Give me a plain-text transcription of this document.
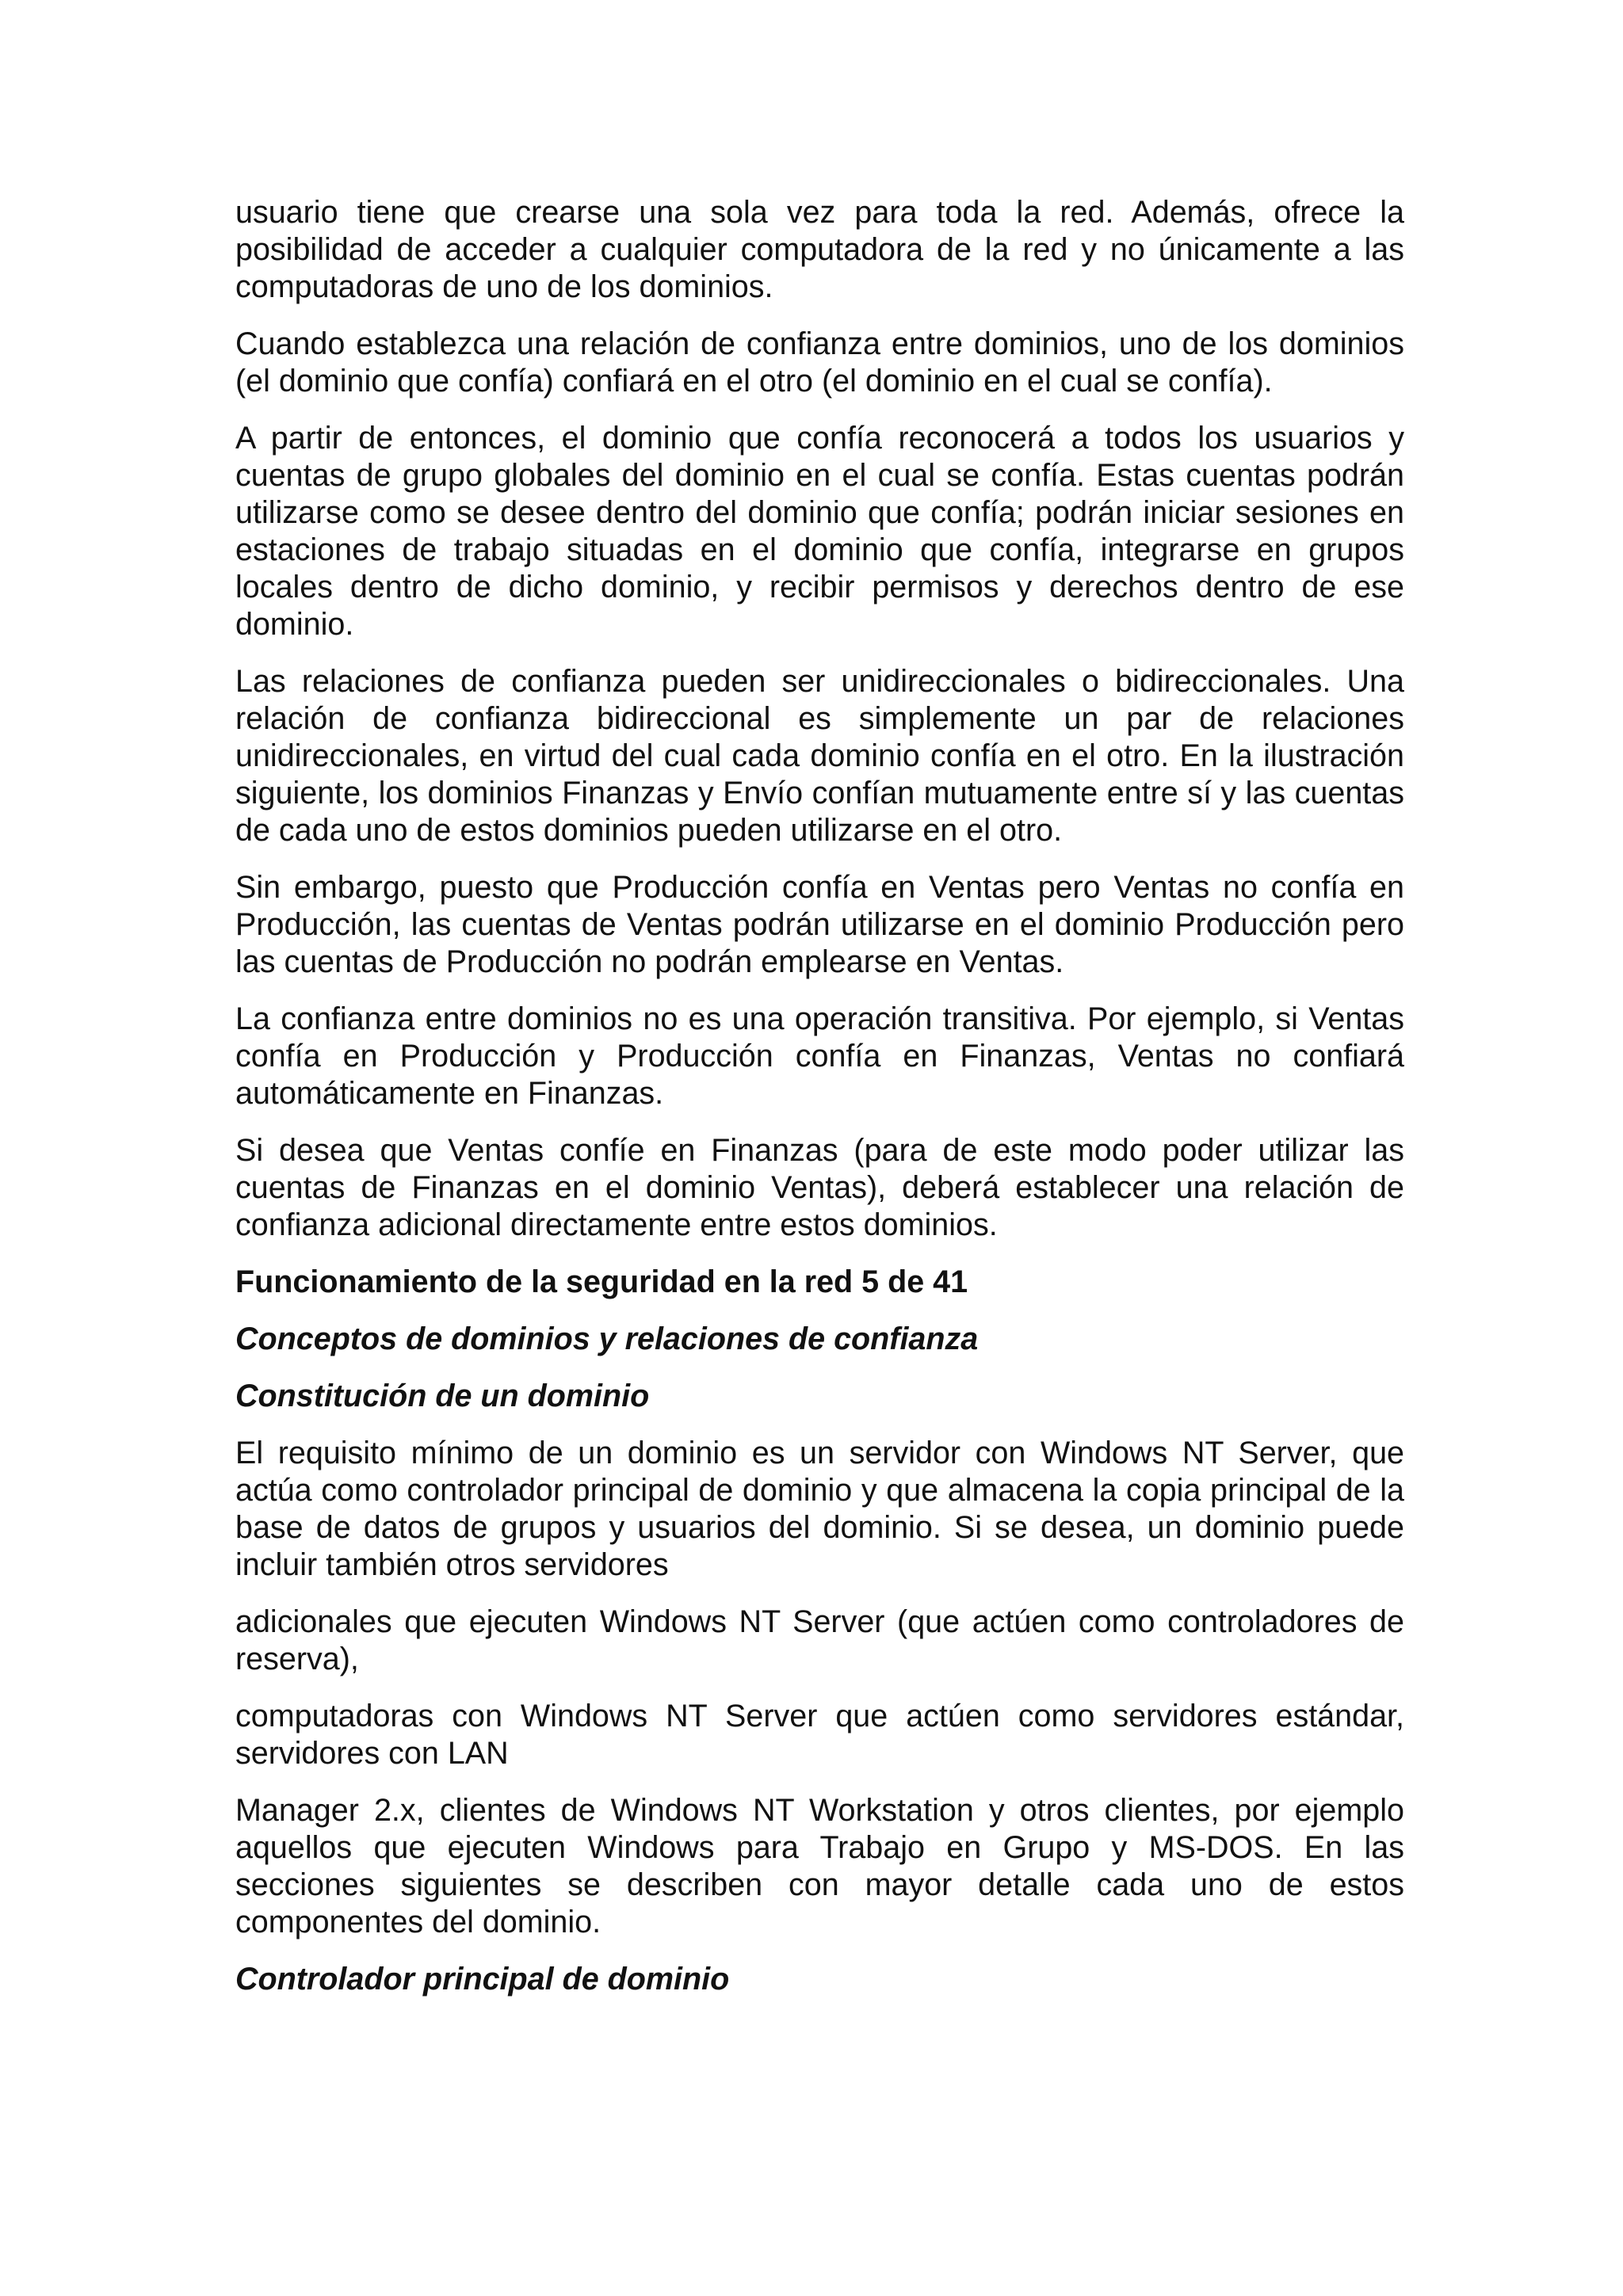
usuario tiene que crearse una sola vez para toda la red. Además, ofrece la posibilidad de acceder a cualquier computadora de la red y no únicamente a las computadoras de uno de los dominios.

Cuando establezca una relación de confianza entre dominios, uno de los dominios (el dominio que confía) confiará en el otro (el dominio en el cual se confía).

A partir de entonces, el dominio que confía reconocerá a todos los usuarios y cuentas de grupo globales del dominio en el cual se confía. Estas cuentas podrán utilizarse como se desee dentro del dominio que confía; podrán iniciar sesiones en estaciones de trabajo situadas en el dominio que confía, integrarse en grupos locales dentro de dicho dominio, y recibir permisos y derechos dentro de ese dominio.

Las relaciones de confianza pueden ser unidireccionales o bidireccionales. Una relación de confianza bidireccional es simplemente un par de relaciones unidireccionales, en virtud del cual cada dominio confía en el otro. En la ilustración siguiente, los dominios Finanzas y Envío confían mutuamente entre sí y las cuentas de cada uno de estos dominios pueden utilizarse en el otro.

Sin embargo, puesto que Producción confía en Ventas pero Ventas no confía en Producción, las cuentas de Ventas podrán utilizarse en el dominio Producción pero las cuentas de Producción no podrán emplearse en Ventas.

La confianza entre dominios no es una operación transitiva. Por ejemplo, si Ventas confía en Producción y Producción confía en Finanzas, Ventas no confiará automáticamente en Finanzas.

Si desea que Ventas confíe en Finanzas (para de este modo poder utilizar las cuentas de Finanzas en el dominio Ventas), deberá establecer una relación de confianza adicional directamente entre estos dominios.

Funcionamiento de la seguridad en la red 5 de 41
Conceptos de dominios y relaciones de confianza
Constitución de un dominio

El requisito mínimo de un dominio es un servidor con Windows NT Server, que actúa como controlador principal de dominio y que almacena la copia principal de la base de datos de grupos y usuarios del dominio. Si se desea, un dominio puede incluir también otros servidores

adicionales que ejecuten Windows NT Server (que actúen como controladores de reserva),

computadoras con Windows NT Server que actúen como servidores estándar, servidores con LAN

Manager 2.x, clientes de Windows NT Workstation y otros clientes, por ejemplo aquellos que ejecuten Windows para Trabajo en Grupo y MS-DOS. En las secciones siguientes se describen con mayor detalle cada uno de estos componentes del dominio.

Controlador principal de dominio
